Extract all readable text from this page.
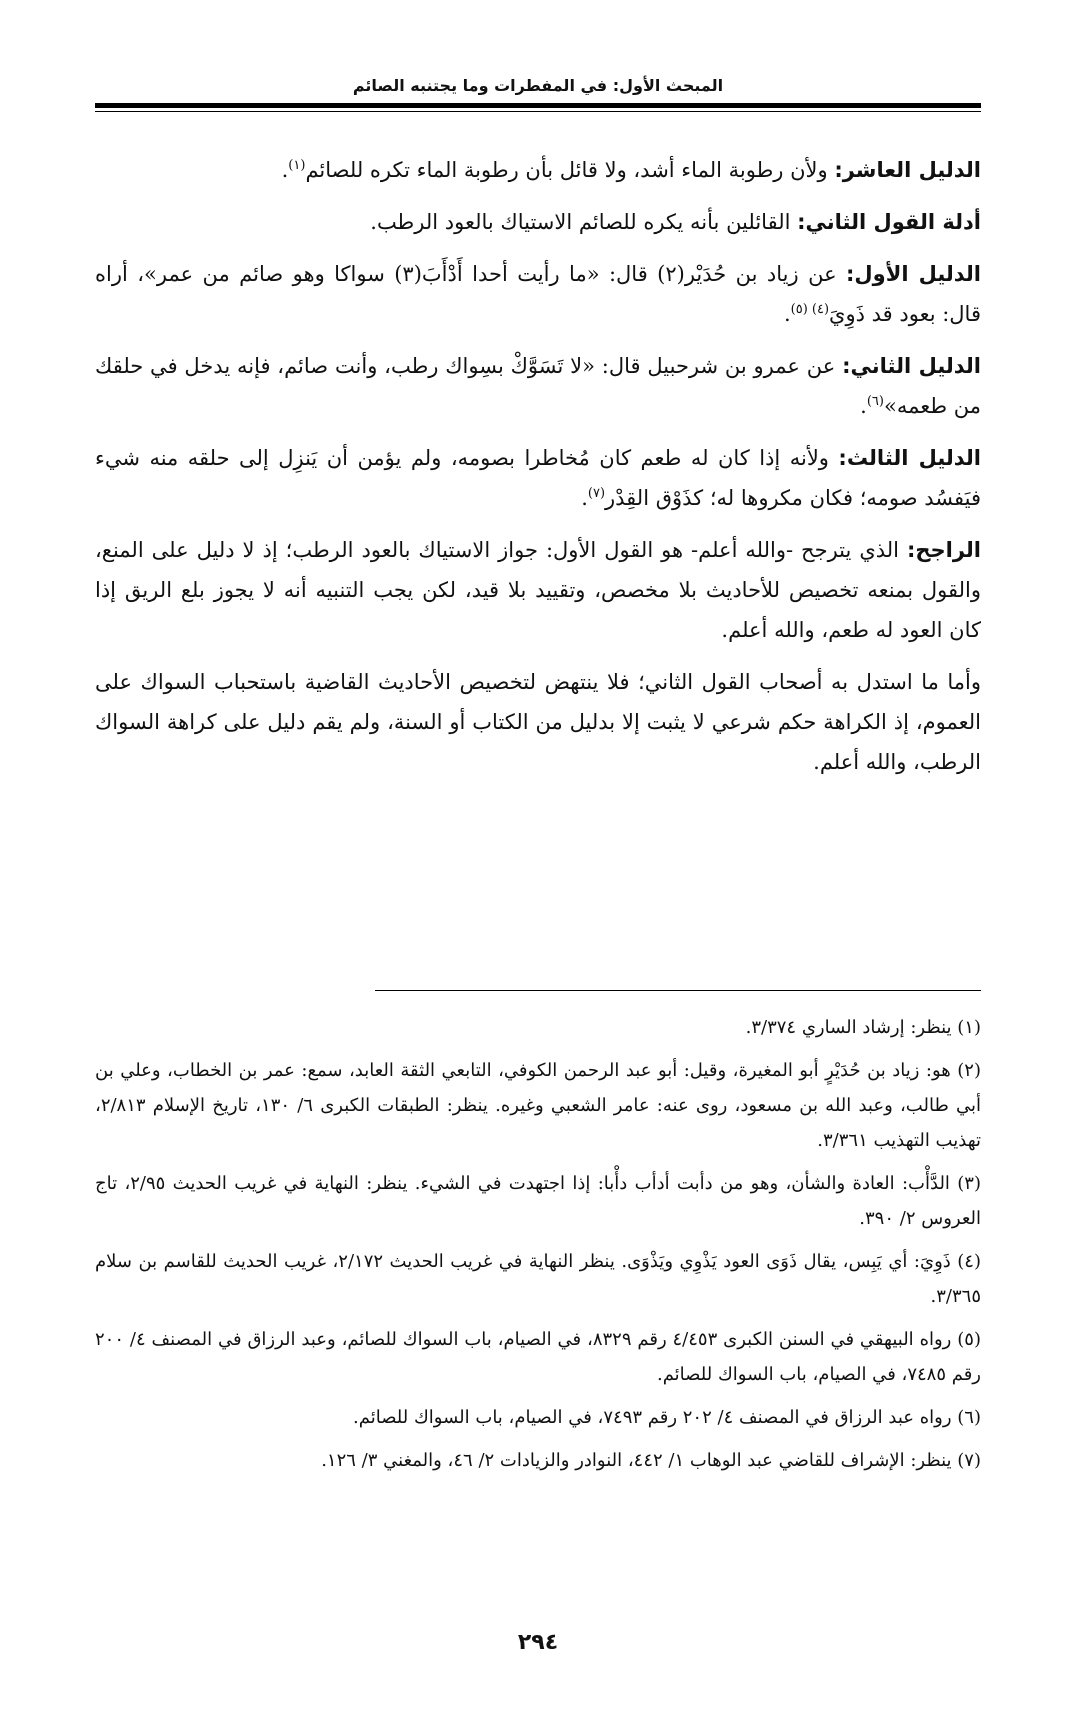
المبحث الأول: في المفطرات وما يجتنبه الصائم

الدليل العاشر: ولأن رطوبة الماء أشد، ولا قائل بأن رطوبة الماء تكره للصائم$^{(١)}$.

أدلة القول الثاني: القائلين بأنه يكره للصائم الاستياك بالعود الرطب.

الدليل الأول: عن زياد بن حُدَيْر(٢) قال: «ما رأيت أحدا أَدْأَبَ(٣) سواكا وهو صائم من عمر»، أراه قال: بعود قد ذَوِيَ$^{(٤) (٥)}$.

الدليل الثاني: عن عمرو بن شرحبيل قال: «لا تَسَوَّكْ بسِواك رطب، وأنت صائم، فإنه يدخل في حلقك من طعمه»$^{(٦)}$.

الدليل الثالث: ولأنه إذا كان له طعم كان مُخاطرا بصومه، ولم يؤمن أن يَنزِل إلى حلقه منه شيء فيَفسُد صومه؛ فكان مكروها له؛ كذَوْق القِدْر$^{(٧)}$.

الراجح: الذي يترجح -والله أعلم- هو القول الأول: جواز الاستياك بالعود الرطب؛ إذ لا دليل على المنع، والقول بمنعه تخصيص للأحاديث بلا مخصص، وتقييد بلا قيد، لكن يجب التنبيه أنه لا يجوز بلع الريق إذا كان العود له طعم، والله أعلم.

وأما ما استدل به أصحاب القول الثاني؛ فلا ينتهض لتخصيص الأحاديث القاضية باستحباب السواك على العموم، إذ الكراهة حكم شرعي لا يثبت إلا بدليل من الكتاب أو السنة، ولم يقم دليل على كراهة السواك الرطب، والله أعلم.

(١) ينظر: إرشاد الساري ٣/٣٧٤.

(٢) هو: زياد بن حُدَيْرٍ أبو المغيرة، وقيل: أبو عبد الرحمن الكوفي، التابعي الثقة العابد، سمع: عمر بن الخطاب، وعلي بن أبي طالب، وعبد الله بن مسعود، روى عنه: عامر الشعبي وغيره. ينظر: الطبقات الكبرى ٦/ ١٣٠، تاريخ الإسلام ٢/٨١٣، تهذيب التهذيب ٣/٣٦١.

(٣) الدَّأْب: العادة والشأن، وهو من دأبت أدأب دأْبا: إذا اجتهدت في الشيء. ينظر: النهاية في غريب الحديث ٢/٩٥، تاج العروس ٢/ ٣٩٠.

(٤) ذَوِيَ: أي يَبِس، يقال ذَوَى العود يَذْوِي ويَذْوَى. ينظر النهاية في غريب الحديث ٢/١٧٢، غريب الحديث للقاسم بن سلام ٣/٣٦٥.

(٥) رواه البيهقي في السنن الكبرى ٤/٤٥٣ رقم ٨٣٢٩، في الصيام، باب السواك للصائم، وعبد الرزاق في المصنف ٤/ ٢٠٠ رقم ٧٤٨٥، في الصيام، باب السواك للصائم.

(٦) رواه عبد الرزاق في المصنف ٤/ ٢٠٢ رقم ٧٤٩٣، في الصيام، باب السواك للصائم.

(٧) ينظر: الإشراف للقاضي عبد الوهاب ١/ ٤٤٢، النوادر والزيادات ٢/ ٤٦، والمغني ٣/ ١٢٦.

٢٩٤
